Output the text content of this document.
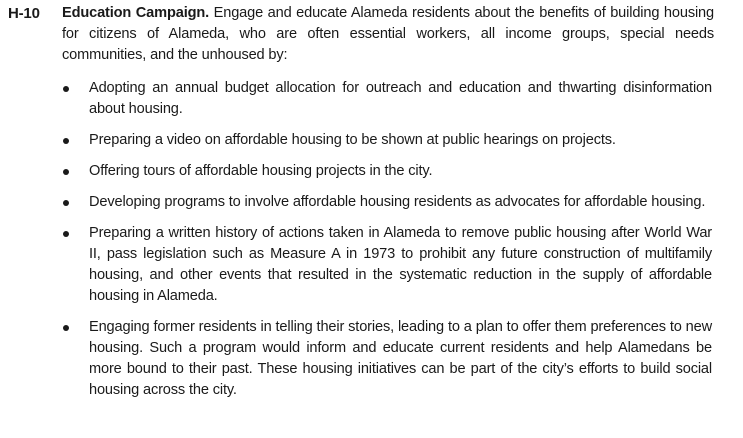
H-10 Education Campaign. Engage and educate Alameda residents about the benefits of building housing for citizens of Alameda, who are often essential workers, all income groups, special needs communities, and the unhoused by:
Adopting an annual budget allocation for outreach and education and thwarting disinformation about housing.
Preparing a video on affordable housing to be shown at public hearings on projects.
Offering tours of affordable housing projects in the city.
Developing programs to involve affordable housing residents as advocates for affordable housing.
Preparing a written history of actions taken in Alameda to remove public housing after World War II, pass legislation such as Measure A in 1973 to prohibit any future construction of multifamily housing, and other events that resulted in the systematic reduction in the supply of affordable housing in Alameda.
Engaging former residents in telling their stories, leading to a plan to offer them preferences to new housing. Such a program would inform and educate current residents and help Alamedans be more bound to their past. These housing initiatives can be part of the city’s efforts to build social housing across the city.
